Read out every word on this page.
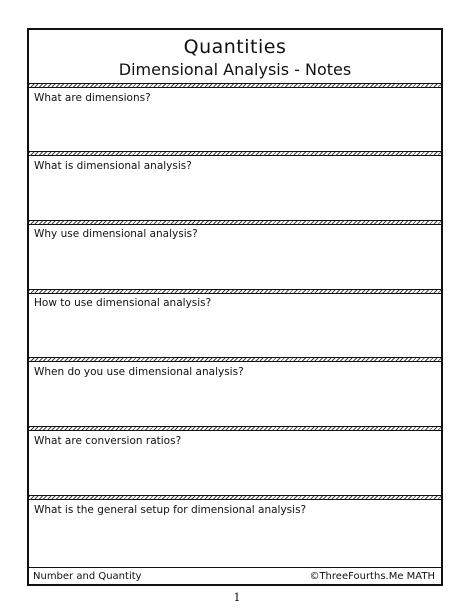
Quantities
Dimensional Analysis - Notes
What are dimensions?
What is dimensional analysis?
Why use dimensional analysis?
How to use dimensional analysis?
When do you use dimensional analysis?
What are conversion ratios?
What is the general setup for dimensional analysis?
Number and Quantity	©ThreeFourths.Me MATH
1
